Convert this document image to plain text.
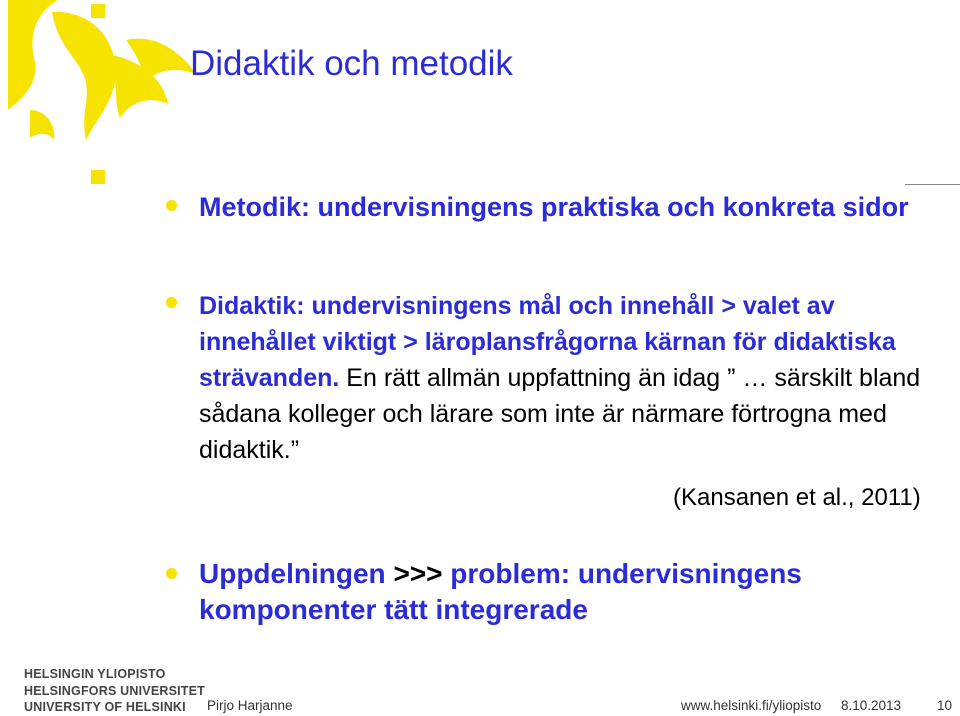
Didaktik och metodik

Metodik: undervisningens praktiska och konkreta sidor

Didaktik: undervisningens mål och innehåll > valet av innehållet viktigt > läroplansfrågorna kärnan för didaktiska strävanden. En rätt allmän uppfattning än idag ” … särskilt bland sådana kolleger och lärare som inte är närmare förtrogna med didaktik.”

(Kansanen et al., 2011)

Uppdelningen >>> problem: undervisningens komponenter tätt integrerade

HELSINGIN YLIOPISTO
HELSINGFORS UNIVERSITET
UNIVERSITY OF HELSINKI	Pirjo Harjanne	www.helsinki.fi/yliopisto 8.10.2013	10
